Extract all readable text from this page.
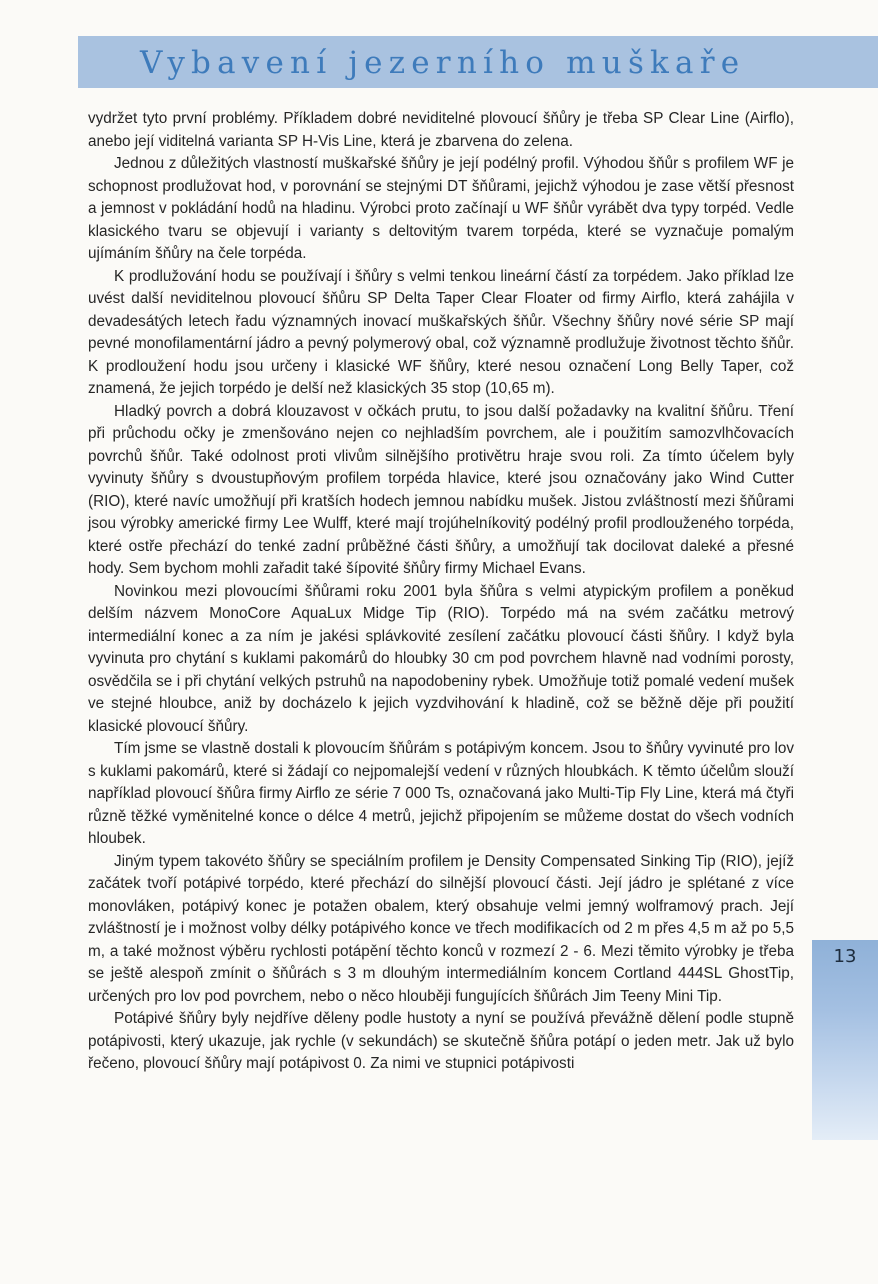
Vybavení jezerního muškaře

vydržet tyto první problémy. Příkladem dobré neviditelné plovoucí šňůry je třeba SP Clear Line (Airflo), anebo její viditelná varianta SP H-Vis Line, která je zbarvena do zelena.

Jednou z důležitých vlastností muškařské šňůry je její podélný profil. Výhodou šňůr s profilem WF je schopnost prodlužovat hod, v porovnání se stejnými DT šňůrami, jejichž výhodou je zase větší přesnost a jemnost v pokládání hodů na hladinu. Výrobci proto začínají u WF šňůr vyrábět dva typy torpéd. Vedle klasického tvaru se objevují i varianty s deltovitým tvarem torpéda, které se vyznačuje pomalým ujímáním šňůry na čele torpéda.

K prodlužování hodu se používají i šňůry s velmi tenkou lineární částí za torpédem. Jako příklad lze uvést další neviditelnou plovoucí šňůru SP Delta Taper Clear Floater od firmy Airflo, která zahájila v devadesátých letech řadu významných inovací muškařských šňůr. Všechny šňůry nové série SP mají pevné monofilamentární jádro a pevný polymerový obal, což významně prodlužuje životnost těchto šňůr. K prodloužení hodu jsou určeny i klasické WF šňůry, které nesou označení Long Belly Taper, což znamená, že jejich torpédo je delší než klasických 35 stop (10,65 m).

Hladký povrch a dobrá klouzavost v očkách prutu, to jsou další požadavky na kvalitní šňůru. Tření při průchodu očky je zmenšováno nejen co nejhladším povrchem, ale i použitím samozvlhčovacích povrchů šňůr. Také odolnost proti vlivům silnějšího protivětru hraje svou roli. Za tímto účelem byly vyvinuty šňůry s dvoustupňovým profilem torpéda hlavice, které jsou označovány jako Wind Cutter (RIO), které navíc umožňují při kratších hodech jemnou nabídku mušek. Jistou zvláštností mezi šňůrami jsou výrobky americké firmy Lee Wulff, které mají trojúhelníkovitý podélný profil prodlouženého torpéda, které ostře přechází do tenké zadní průběžné části šňůry, a umožňují tak docilovat daleké a přesné hody. Sem bychom mohli zařadit také šípovité šňůry firmy Michael Evans.

Novinkou mezi plovoucími šňůrami roku 2001 byla šňůra s velmi atypickým profilem a poněkud delším názvem MonoCore AquaLux Midge Tip (RIO). Torpédo má na svém začátku metrový intermediální konec a za ním je jakési splávkovité zesílení začátku plovoucí části šňůry. I když byla vyvinuta pro chytání s kuklami pakomárů do hloubky 30 cm pod povrchem hlavně nad vodními porosty, osvědčila se i při chytání velkých pstruhů na napodobeniny rybek. Umožňuje totiž pomalé vedení mušek ve stejné hloubce, aniž by docházelo k jejich vyzdvihování k hladině, což se běžně děje při použití klasické plovoucí šňůry.

Tím jsme se vlastně dostali k plovoucím šňůrám s potápivým koncem. Jsou to šňůry vyvinuté pro lov s kuklami pakomárů, které si žádají co nejpomalejší vedení v různých hloubkách. K těmto účelům slouží například plovoucí šňůra firmy Airflo ze série 7 000 Ts, označovaná jako Multi-Tip Fly Line, která má čtyři různě těžké vyměnitelné konce o délce 4 metrů, jejichž připojením se můžeme dostat do všech vodních hloubek.

Jiným typem takovéto šňůry se speciálním profilem je Density Compensated Sinking Tip (RIO), jejíž začátek tvoří potápivé torpédo, které přechází do silnější plovoucí části. Její jádro je splétané z více monovláken, potápivý konec je potažen obalem, který obsahuje velmi jemný wolframový prach. Její zvláštností je i možnost volby délky potápivého konce ve třech modifikacích od 2 m přes 4,5 m až po 5,5 m, a také možnost výběru rychlosti potápění těchto konců v rozmezí 2 - 6. Mezi těmito výrobky je třeba se ještě alespoň zmínit o šňůrách s 3 m dlouhým intermediálním koncem Cortland 444SL GhostTip, určených pro lov pod povrchem, nebo o něco hlouběji fungujících šňůrách Jim Teeny Mini Tip.

Potápivé šňůry byly nejdříve děleny podle hustoty a nyní se používá převážně dělení podle stupně potápivosti, který ukazuje, jak rychle (v sekundách) se skutečně šňůra potápí o jeden metr. Jak už bylo řečeno, plovoucí šňůry mají potápivost 0. Za nimi ve stupnici potápivosti

13
